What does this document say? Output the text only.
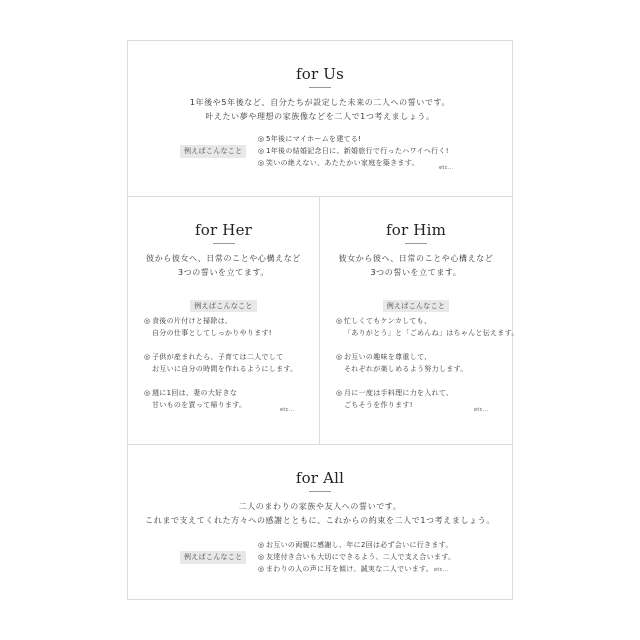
for Us
1年後や5年後など、自分たちが設定した未来の二人への誓いです。
叶えたい夢や理想の家族像などを二人で1つ考えましょう。
例えばこんなこと
◎ 5年後にマイホームを建てる!
◎ 1年後の結婚記念日に、新婚旅行で行ったハワイへ行く!
◎ 笑いの絶えない、あたたかい家庭を築きます。
etc...
for Her
彼から彼女へ、日常のことや心構えなど
3つの誓いを立てます。
例えばこんなこと
◎ 食後の片付けと掃除は、
自分の仕事としてしっかりやります!
◎ 子供が産まれたら、子育ては二人でして
お互いに自分の時間を作れるようにします。
◎ 週に1回は、妻の大好きな
甘いものを買って帰ります。
etc...
for Him
彼女から彼へ、日常のことや心構えなど
3つの誓いを立てます。
例えばこんなこと
◎ 忙しくてもケンカしても、
「ありがとう」と「ごめんね」はちゃんと伝えます。
◎ お互いの趣味を尊重して、
それぞれが楽しめるよう努力します。
◎ 月に一度は手料理に力を入れて、
ごちそうを作ります!
etc...
for All
二人のまわりの家族や友人への誓いです。
これまで支えてくれた方々への感謝とともに、これからの約束を二人で1つ考えましょう。
例えばこんなこと
◎ お互いの両親に感謝し、年に2回は必ず会いに行きます。
◎ 友達付き合いも大切にできるよう、二人で支え合います。
◎ まわりの人の声に耳を傾け、誠実な二人でいます。 etc...
